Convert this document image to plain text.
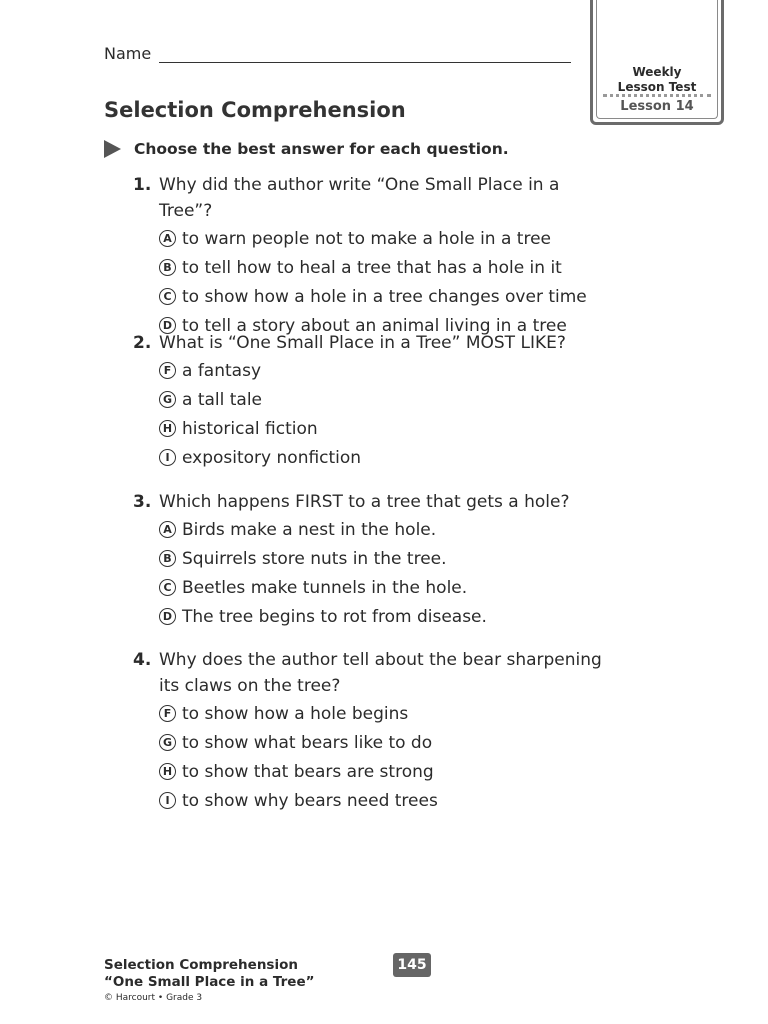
Name
Selection Comprehension
Weekly
Lesson Test
Lesson 14
Choose the best answer for each question.
1. Why did the author write “One Small Place in a Tree”?
A to warn people not to make a hole in a tree
B to tell how to heal a tree that has a hole in it
C to show how a hole in a tree changes over time
D to tell a story about an animal living in a tree
2. What is “One Small Place in a Tree” MOST LIKE?
F a fantasy
G a tall tale
H historical fiction
I expository nonfiction
3. Which happens FIRST to a tree that gets a hole?
A Birds make a nest in the hole.
B Squirrels store nuts in the tree.
C Beetles make tunnels in the hole.
D The tree begins to rot from disease.
4. Why does the author tell about the bear sharpening its claws on the tree?
F to show how a hole begins
G to show what bears like to do
H to show that bears are strong
I to show why bears need trees
Selection Comprehension
“One Small Place in a Tree”
© Harcourt • Grade 3
145
